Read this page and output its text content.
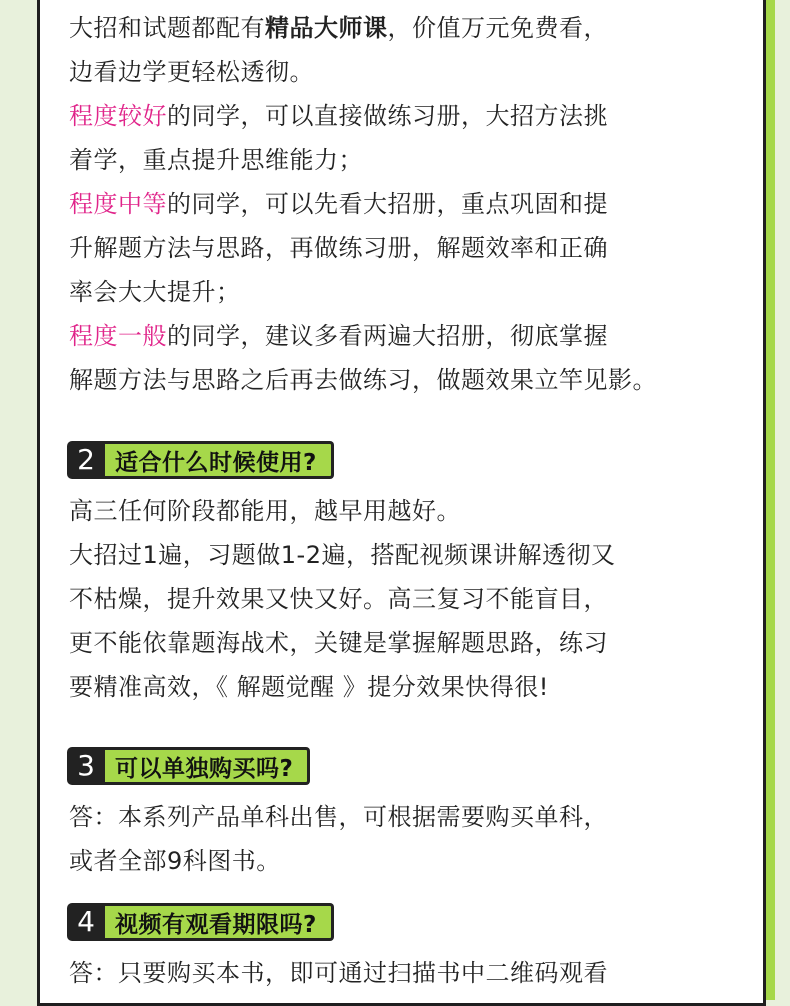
大招和试题都配有精品大师课，价值万元免费看，
边看边学更轻松透彻。
程度较好的同学，可以直接做练习册，大招方法挑
着学，重点提升思维能力；
程度中等的同学，可以先看大招册，重点巩固和提
升解题方法与思路，再做练习册，解题效率和正确
率会大大提升；
程度一般的同学，建议多看两遍大招册，彻底掌握
解题方法与思路之后再去做练习，做题效果立竿见影。
2 适合什么时候使用?
高三任何阶段都能用，越早用越好。
大招过1遍，习题做1-2遍，搭配视频课讲解透彻又
不枯燥，提升效果又快又好。高三复习不能盲目，
更不能依靠题海战术，关键是掌握解题思路，练习
要精准高效，《 解题觉醒 》提分效果快得很!
3 可以单独购买吗?
答：本系列产品单科出售，可根据需要购买单科，
或者全部9科图书。
4 视频有观看期限吗?
答：只要购买本书，即可通过扫描书中二维码观看
